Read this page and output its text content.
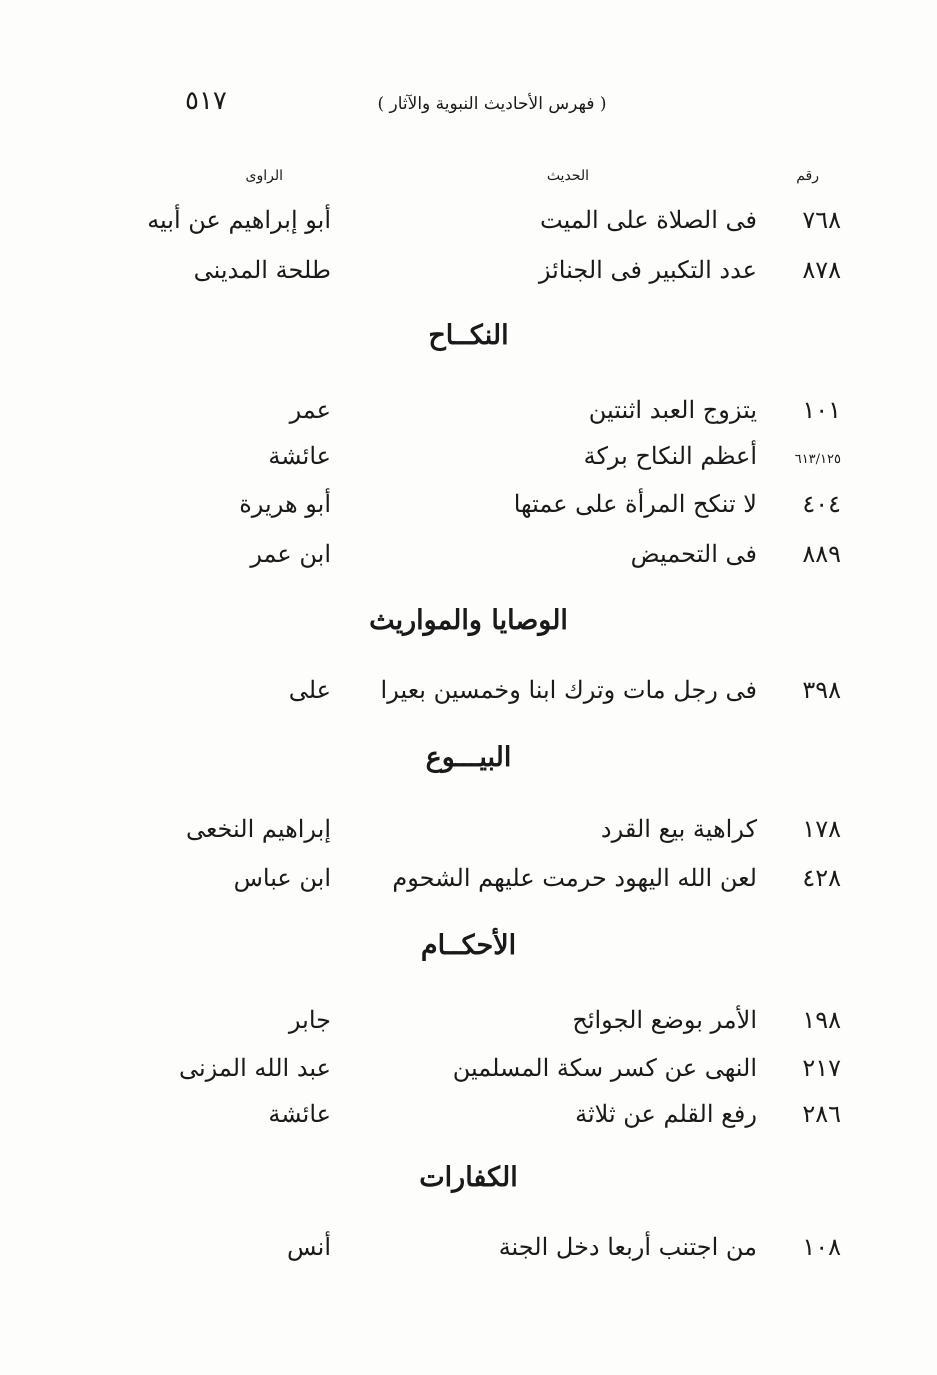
٥١٧	( فهرس الأحاديث النبوية والآثار )
رقم
الحديث
الراوى
٧٦٨
فى الصلاة على الميت
أبو إبراهيم عن أبيه
٨٧٨
عدد التكبير فى الجنائز
طلحة المدينى
النكــاح
١٠١
يتزوج العبد اثنتين
عمر
٦١٣/١٢٥
أعظم النكاح بركة
عائشة
٤٠٤
لا تنكح المرأة على عمتها
أبو هريرة
٨٨٩
فى التحميض
ابن عمر
الوصايا والمواريث
٣٩٨
فى رجل مات وترك ابنا وخمسين بعيرا
على
البيـــوع
١٧٨
كراهية بيع القرد
إبراهيم النخعى
٤٢٨
لعن الله اليهود حرمت عليهم الشحوم
ابن عباس
الأحكــام
١٩٨
الأمر بوضع الجوائح
جابر
٢١٧
النهى عن كسر سكة المسلمين
عبد الله المزنى
٢٨٦
رفع القلم عن ثلاثة
عائشة
الكفارات
١٠٨
من اجتنب أربعا دخل الجنة
أنس
